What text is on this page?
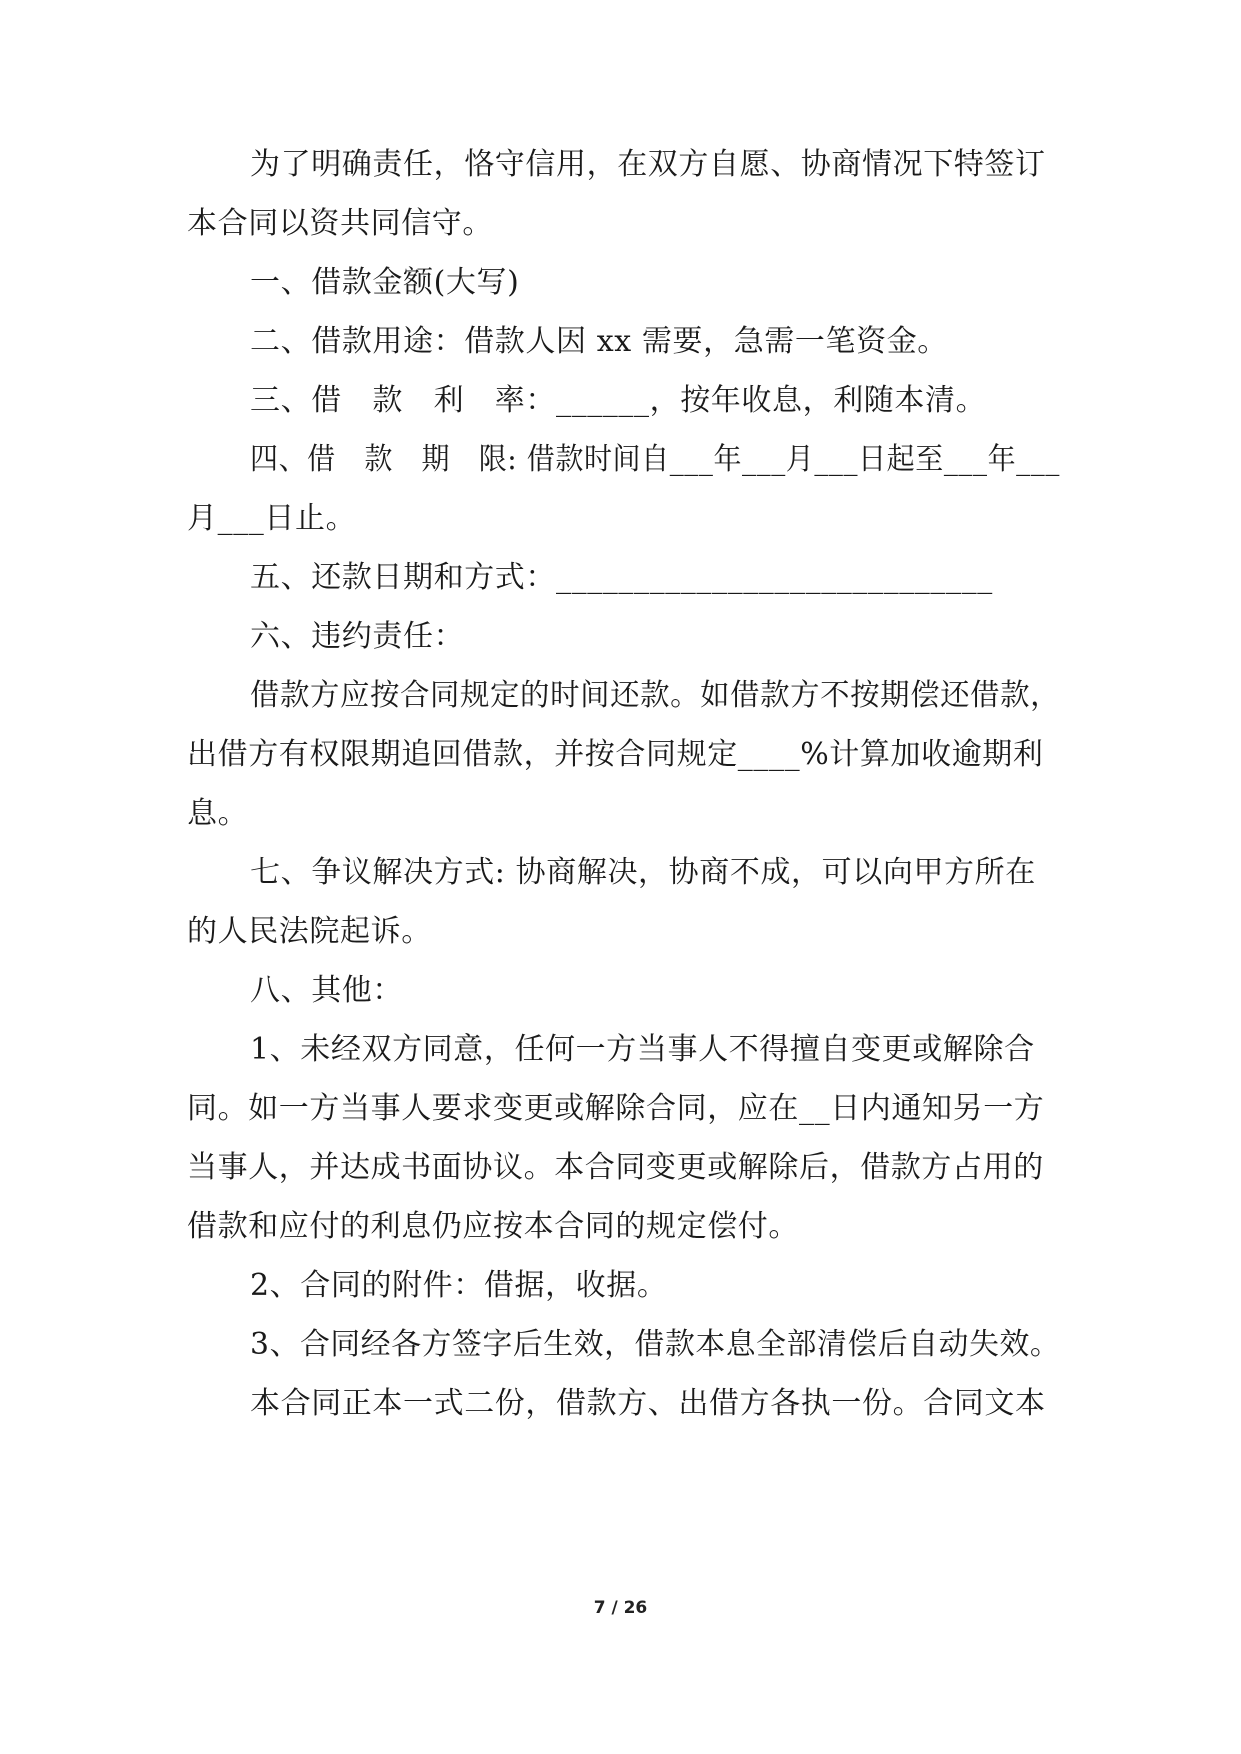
为了明确责任，恪守信用，在双方自愿、协商情况下特签订
本合同以资共同信守。
一、借款金额(大写)
二、借款用途：借款人因 xx 需要，急需一笔资金。
三、借　款　利　率：______，按年收息，利随本清。
四、借　款　期　限: 借款时间自___年___月___日起至___年___
月___日止。
五、还款日期和方式：____________________________
六、违约责任：
借款方应按合同规定的时间还款。如借款方不按期偿还借款，
出借方有权限期追回借款，并按合同规定____%计算加收逾期利
息。
七、争议解决方式: 协商解决，协商不成，可以向甲方所在
的人民法院起诉。
八、其他：
1、未经双方同意，任何一方当事人不得擅自变更或解除合
同。如一方当事人要求变更或解除合同，应在__日内通知另一方
当事人，并达成书面协议。本合同变更或解除后，借款方占用的
借款和应付的利息仍应按本合同的规定偿付。
2、合同的附件：借据，收据。
3、合同经各方签字后生效，借款本息全部清偿后自动失效。
本合同正本一式二份，借款方、出借方各执一份。合同文本
7 / 26
